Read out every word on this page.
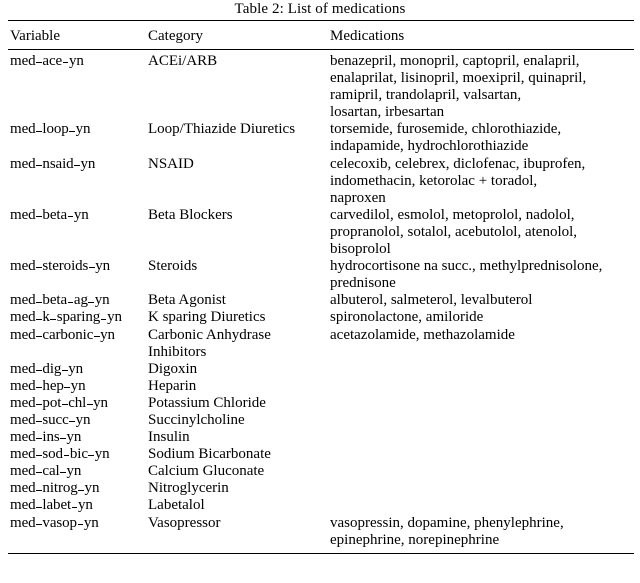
Table 2: List of medications

Variable	Category	Medications

med ace yn	ACEi/ARB	benazepril, monopril, captopril, enalapril,
enalaprilat, lisinopril, moexipril, quinapril,
ramipril, trandolapril, valsartan,
losartan, irbesartan

med loop yn	Loop/Thiazide Diuretics	torsemide, furosemide, chlorothiazide,
indapamide, hydrochlorothiazide

med nsaid yn	NSAID	celecoxib, celebrex, diclofenac, ibuprofen,
indomethacin, ketorolac + toradol,
naproxen

med beta yn	Beta Blockers	carvedilol, esmolol, metoprolol, nadolol,
propranolol, sotalol, acebutolol, atenolol,
bisoprolol

med steroids yn	Steroids	hydrocortisone na succ., methylprednisolone,
prednisone

med beta ag yn	Beta Agonist	albuterol, salmeterol, levalbuterol

med k sparing yn	K sparing Diuretics	spironolactone, amiloride

med carbonic yn	Carbonic Anhydrase
Inhibitors	acetazolamide, methazolamide

med dig yn	Digoxin	

med hep yn	Heparin	

med pot chl yn	Potassium Chloride	

med succ yn	Succinylcholine	

med ins yn	Insulin	

med sod bic yn	Sodium Bicarbonate	

med cal yn	Calcium Gluconate	

med nitrog yn	Nitroglycerin	

med labet yn	Labetalol	

med vasop yn	Vasopressor	vasopressin, dopamine, phenylephrine,
epinephrine, norepinephrine
